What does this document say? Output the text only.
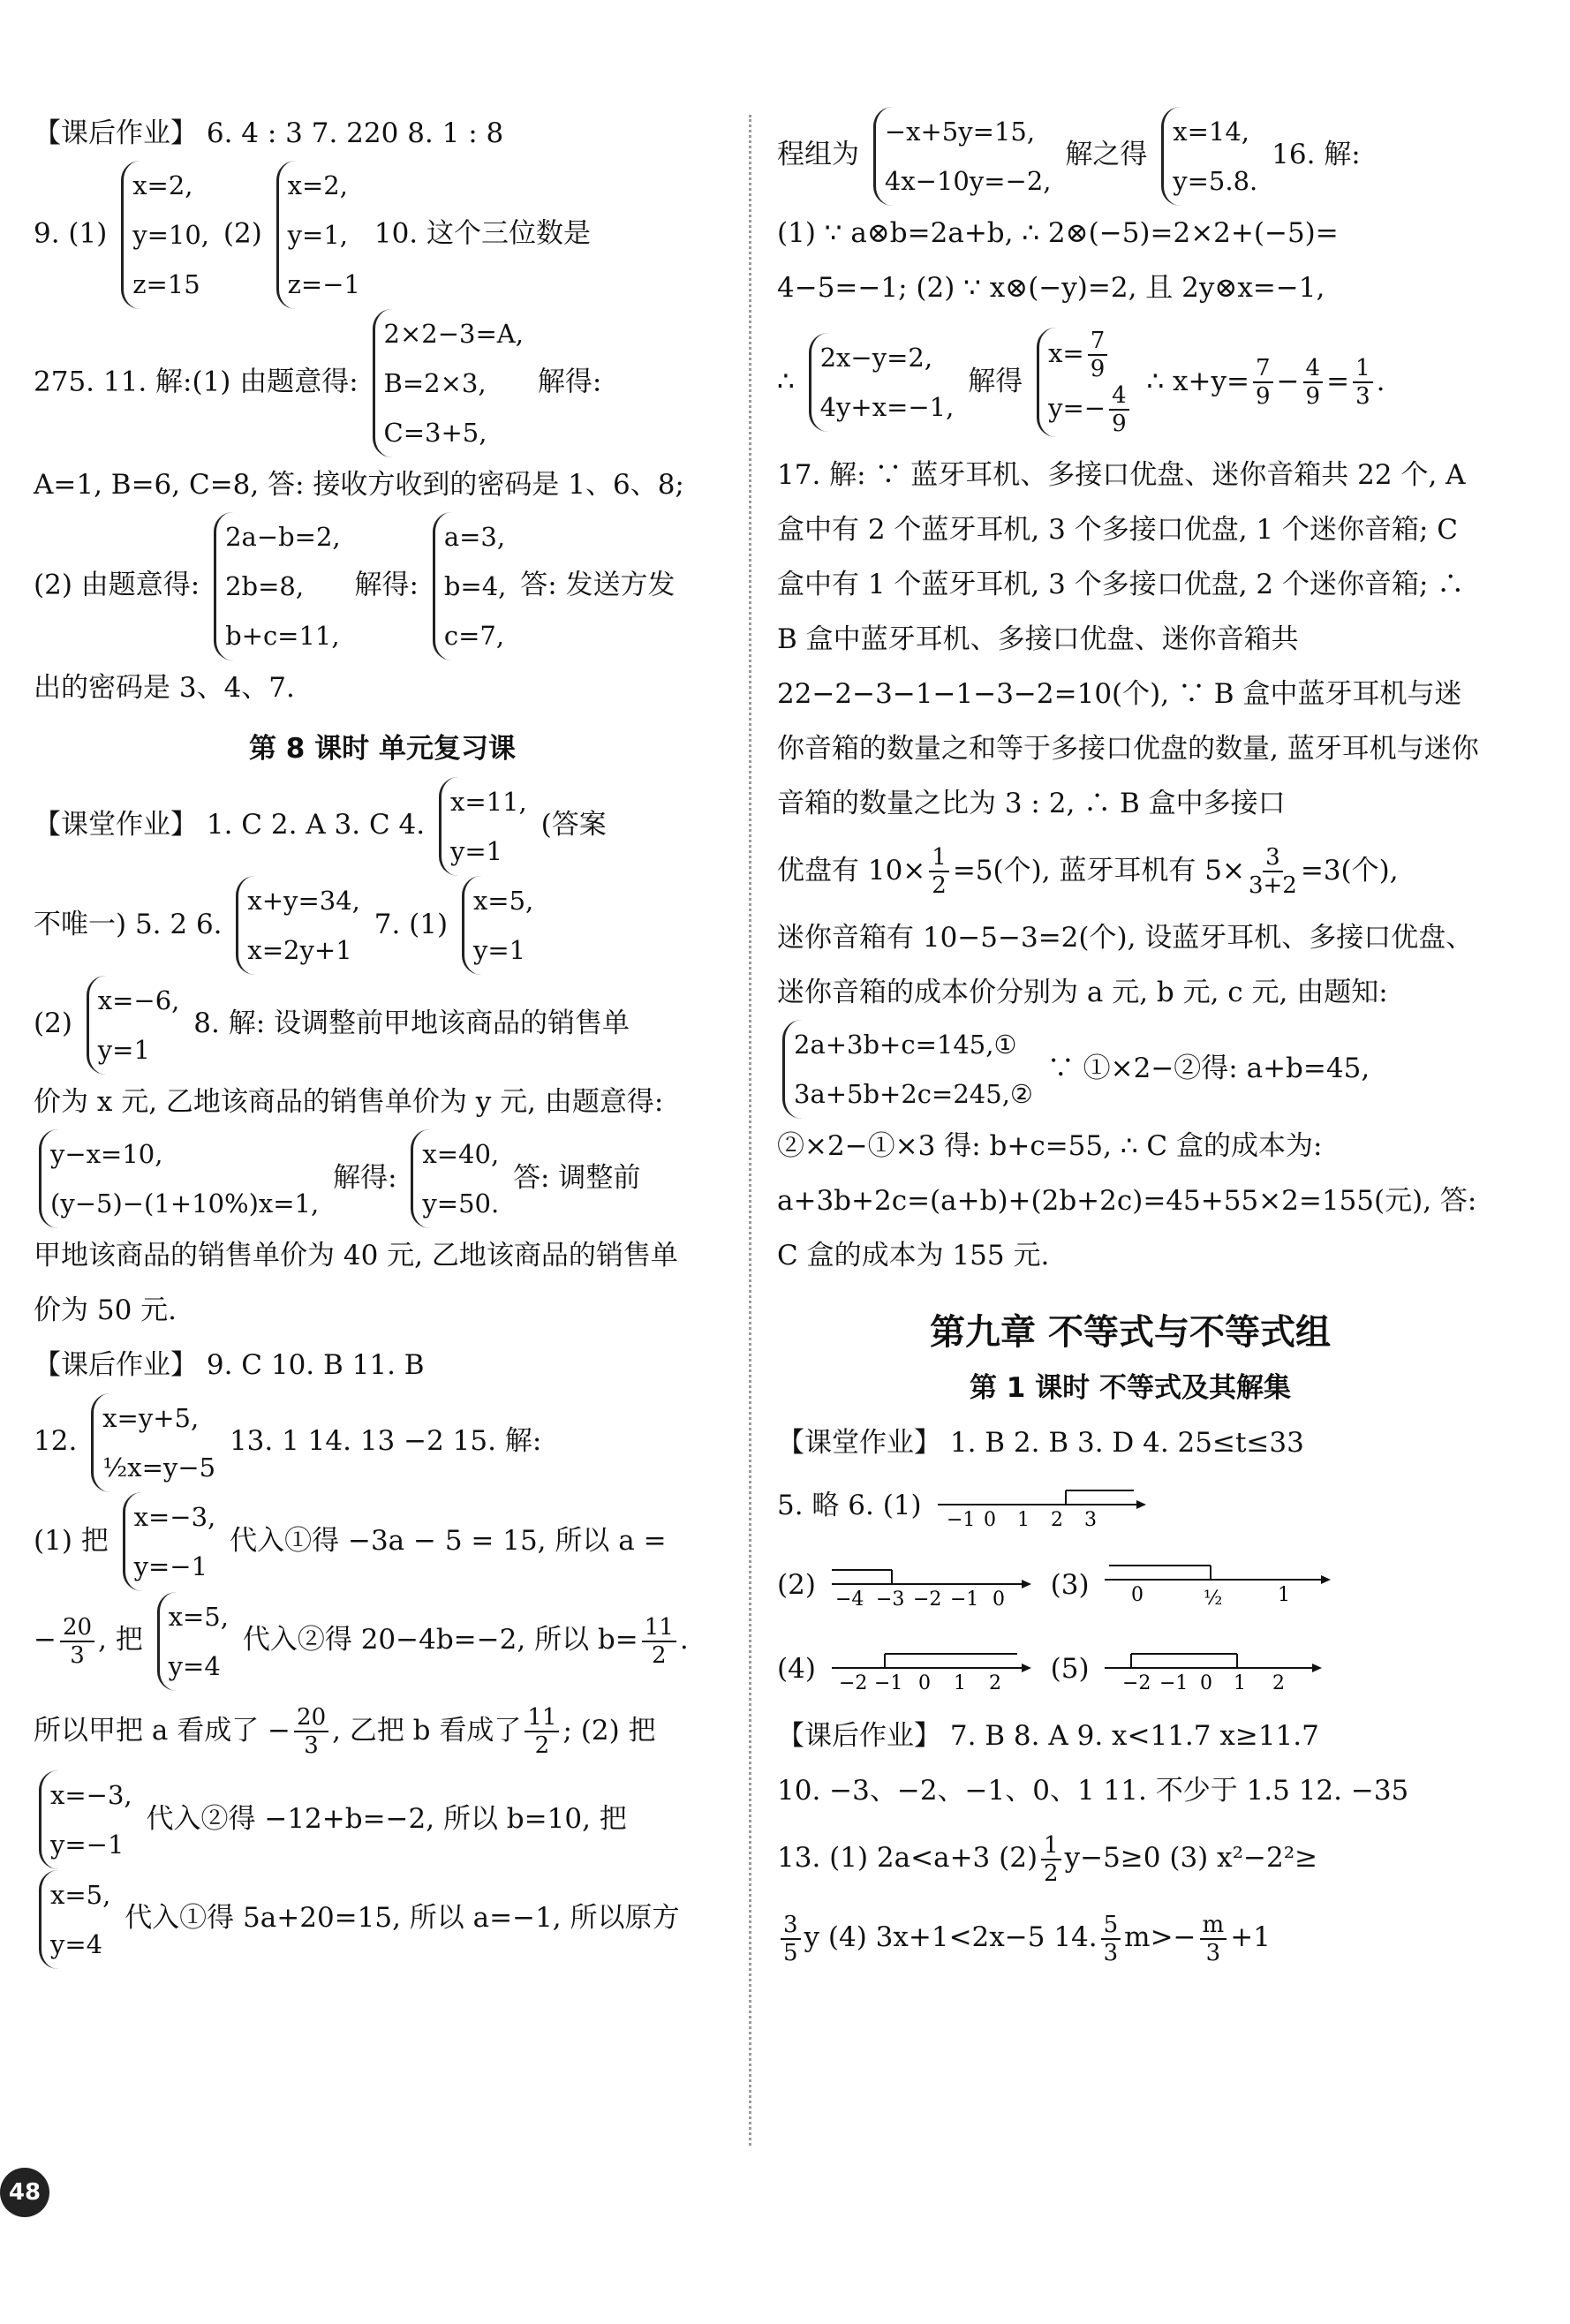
【课后作业】 6. 4 : 3 7. 220 8. 1 : 8
9. (1)
x=2,
y=10,
z=15
(2)
x=2,
y=1,
z=−1
10. 这个三位数是
275. 11. 解:(1) 由题意得:
2×2−3=A,
B=2×3,
C=3+5,
解得:
A=1, B=6, C=8, 答: 接收方收到的密码是 1、6、8;
(2) 由题意得:
2a−b=2,
2b=8,
b+c=11,
解得:
a=3,
b=4,
c=7,
答: 发送方发
出的密码是 3、4、7.
第 8 课时 单元复习课
【课堂作业】 1. C 2. A 3. C 4.
x=11,
y=1
(答案
不唯一) 5. 2 6.
x+y=34,
x=2y+1
7. (1)
x=5,
y=1
(2)
x=−6,
y=1
8. 解: 设调整前甲地该商品的销售单
价为 x 元, 乙地该商品的销售单价为 y 元, 由题意得:
y−x=10,
(y−5)−(1+10%)x=1,
解得:
x=40,
y=50.
答: 调整前
甲地该商品的销售单价为 40 元, 乙地该商品的销售单
价为 50 元.
【课后作业】 9. C 10. B 11. B
12.
x=y+5,
½x=y−5
13. 1 14. 13 −2 15. 解:
(1) 把
x=−3,
y=−1
代入①得 −3a − 5 = 15, 所以 a =
− $\frac{20}{3}$ , 把
x=5,
y=4
代入②得 20−4b=−2, 所以 $b= \frac{11}{2}$ .
所以甲把 a 看成了 − $\frac{20}{3}$ , 乙把 b 看成了 $\frac{11}{2}$ ; (2) 把
x=−3,
y=−1
代入②得 −12+b=−2, 所以 b=10, 把
x=5,
y=4
代入①得 5a+20=15, 所以 a=−1, 所以原方
程组为
−x+5y=15,
4x−10y=−2,
解之得
x=14,
y=5.8.
16. 解:
(1) ∵ a⊗b=2a+b, ∴ 2⊗(−5)=2×2+(−5)=
4−5=−1; (2) ∵ x⊗(−y)=2, 且 2y⊗x=−1,
∴
2x−y=2,
4y+x=−1,
解得
$x= \frac{7}{9}$
$y=- \frac{4}{9}$
∴ $x+y= \frac{7}{9} - \frac{4}{9} = \frac{1}{3}$ .
17. 解: ∵ 蓝牙耳机、多接口优盘、迷你音箱共 22 个, A 盒中有 2 个蓝牙耳机, 3 个多接口优盘, 1 个迷你音箱; C 盒中有 1 个蓝牙耳机, 3 个多接口优盘, 2 个迷你音箱; ∴ B 盒中蓝牙耳机、多接口优盘、迷你音箱共 22−2−3−1−1−3−2=10(个), ∵ B 盒中蓝牙耳机与迷你音箱的数量之和等于多接口优盘的数量, 蓝牙耳机与迷你音箱的数量之比为 3 : 2, ∴ B 盒中多接口
优盘有 $10\times \frac{1}{2} =5$(个), 蓝牙耳机有 $5\times \frac{3}{3+2} =3$(个),
迷你音箱有 10−5−3=2(个), 设蓝牙耳机、多接口优盘、迷你音箱的成本价分别为 a 元, b 元, c 元, 由题知:
2a+3b+c=145,①
3a+5b+2c=245,②
∵ ①×2−②得: a+b=45,
②×2−①×3 得: b+c=55, ∴ C 盒的成本为: a+3b+2c=(a+b)+(2b+2c)=45+55×2=155(元), 答: C 盒的成本为 155 元.
第九章 不等式与不等式组
第 1 课时 不等式及其解集
【课堂作业】 1. B 2. B 3. D 4. 25≤t≤33
5. 略 6. (1) −1 0 1 2 3
(2) −4 −3 −2 −1 0 (3) 0	½	1
(4) −2 −1 0 1 2 (5) −2 −1 0 1 2
【课后作业】 7. B 8. A 9. x<11.7 x≥11.7
10. −3、−2、−1、0、1 11. 不少于 1.5 12. −35
13. (1) 2a<a+3 $(2) \frac{1}{2} y-5\ge 0$ (3) x²−2²≥
$\frac{3}{5}$ y (4) 3x+1<2x−5 14. $\frac{5}{3} m>- \frac{m}{3} +1$
48
